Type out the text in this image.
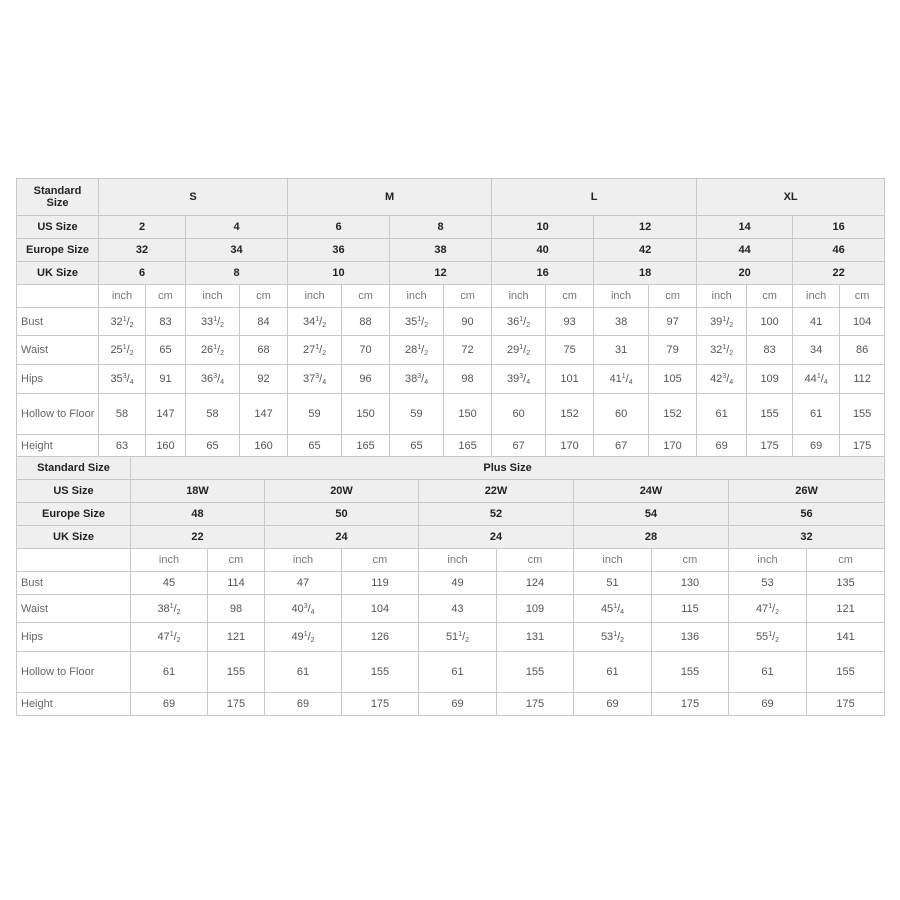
Standard Size	S				M				L				XL			
US Size	2		4		6		8		10		12		14		16	
Europe Size	32		34		36		38		40		42		44		46	
UK Size	6		8		10		12		16		18		20		22	
	inch	cm	inch	cm	inch	cm	inch	cm	inch	cm	inch	cm	inch	cm	inch	cm
Bust	$32^1/_2$	83	$33^1/_2$	84	$34^1/_2$	88	$35^1/_2$	90	$36^1/_2$	93	38	97	$39^1/_2$	100	41	104
Waist	$25^1/_2$	65	$26^1/_2$	68	$27^1/_2$	70	$28^1/_2$	72	$29^1/_2$	75	31	79	$32^1/_2$	83	34	86
Hips	$35^3/_4$	91	$36^3/_4$	92	$37^3/_4$	96	$38^3/_4$	98	$39^3/_4$	101	$41^1/_4$	105	$42^3/_4$	109	$44^1/_4$	112
Hollow to Floor	58	147	58	147	59	150	59	150	60	152	60	152	61	155	61	155
Height	63	160	65	160	65	165	65	165	67	170	67	170	69	175	69	175
Standard Size	Plus Size									
US Size	18W		20W		22W		24W		26W	
Europe Size	48		50		52		54		56	
UK Size	22		24		24		28		32	
	inch	cm	inch	cm	inch	cm	inch	cm	inch	cm
Bust	45	114	47	119	49	124	51	130	53	135
Waist	$38^1/_2$	98	$40^3/_4$	104	43	109	$45^1/_4$	115	$47^1/_2$	121
Hips	$47^1/_2$	121	$49^1/_2$	126	$51^1/_2$	131	$53^1/_2$	136	$55^1/_2$	141
Hollow to Floor	61	155	61	155	61	155	61	155	61	155
Height	69	175	69	175	69	175	69	175	69	175
